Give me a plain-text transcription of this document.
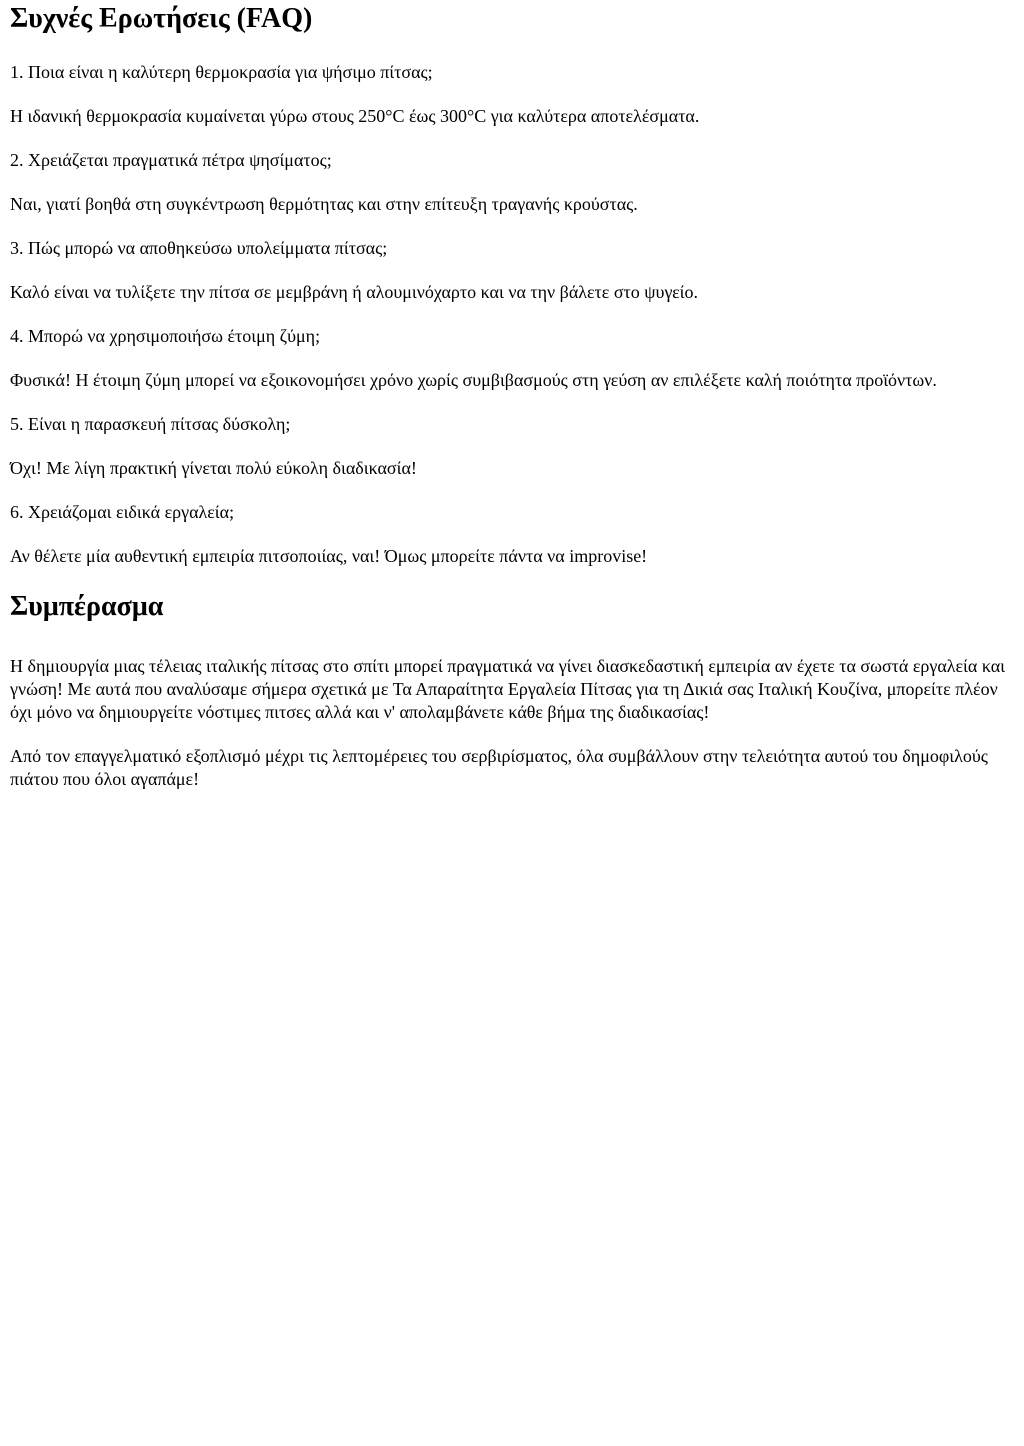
Συχνές Ερωτήσεις (FAQ)

1. Ποια είναι η καλύτερη θερμοκρασία για ψήσιμο πίτσας;

Η ιδανική θερμοκρασία κυμαίνεται γύρω στους 250°C έως 300°C για καλύτερα αποτελέσματα.

2. Χρειάζεται πραγματικά πέτρα ψησίματος;

Ναι, γιατί βοηθά στη συγκέντρωση θερμότητας και στην επίτευξη τραγανής κρούστας.

3. Πώς μπορώ να αποθηκεύσω υπολείμματα πίτσας;

Καλό είναι να τυλίξετε την πίτσα σε μεμβράνη ή αλουμινόχαρτο και να την βάλετε στο ψυγείο.

4. Μπορώ να χρησιμοποιήσω έτοιμη ζύμη;

Φυσικά! Η έτοιμη ζύμη μπορεί να εξοικονομήσει χρόνο χωρίς συμβιβασμούς στη γεύση αν επιλέξετε καλή ποιότητα προϊόντων.

5. Είναι η παρασκευή πίτσας δύσκολη;

Όχι! Με λίγη πρακτική γίνεται πολύ εύκολη διαδικασία!

6. Χρειάζομαι ειδικά εργαλεία;

Αν θέλετε μία αυθεντική εμπειρία πιτσοποιίας, ναι! Όμως μπορείτε πάντα να improvise!

Συμπέρασμα

Η δημιουργία μιας τέλειας ιταλικής πίτσας στο σπίτι μπορεί πραγματικά να γίνει διασκεδαστική εμπειρία αν έχετε τα σωστά εργαλεία και γνώση! Με αυτά που αναλύσαμε σήμερα σχετικά με Τα Απαραίτητα Εργαλεία Πίτσας για τη Δικιά σας Ιταλική Κουζίνα, μπορείτε πλέον όχι μόνο να δημιουργείτε νόστιμες πιτσες αλλά και ν' απολαμβάνετε κάθε βήμα της διαδικασίας!

Από τον επαγγελματικό εξοπλισμό μέχρι τις λεπτομέρειες του σερβιρίσματος, όλα συμβάλλουν στην τελειότητα αυτού του δημοφιλούς πιάτου που όλοι αγαπάμε!
